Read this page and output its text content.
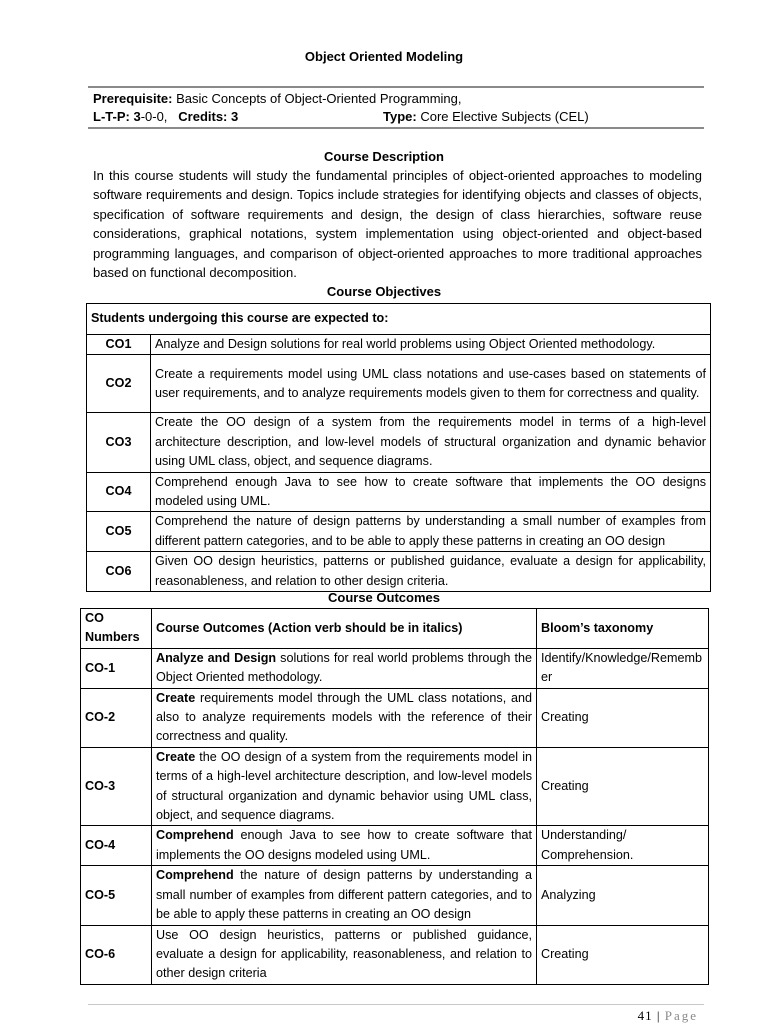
Object Oriented Modeling
Prerequisite: Basic Concepts of Object-Oriented Programming,
L-T-P: 3-0-0, Credits: 3	Type: Core Elective Subjects (CEL)
Course Description
In this course students will study the fundamental principles of object-oriented approaches to modeling software requirements and design. Topics include strategies for identifying objects and classes of objects, specification of software requirements and design, the design of class hierarchies, software reuse considerations, graphical notations, system implementation using object-oriented and object-based programming languages, and comparison of object-oriented approaches to more traditional approaches based on functional decomposition.
Course Objectives
Students undergoing this course are expected to:	
CO1	Analyze and Design solutions for real world problems using Object Oriented methodology.
CO2	Create a requirements model using UML class notations and use-cases based on statements of user requirements, and to analyze requirements models given to them for correctness and quality.
CO3	Create the OO design of a system from the requirements model in terms of a high-level architecture description, and low-level models of structural organization and dynamic behavior using UML class, object, and sequence diagrams.
CO4	Comprehend enough Java to see how to create software that implements the OO designs modeled using UML.
CO5	Comprehend the nature of design patterns by understanding a small number of examples from different pattern categories, and to be able to apply these patterns in creating an OO design
CO6	Given OO design heuristics, patterns or published guidance, evaluate a design for applicability, reasonableness, and relation to other design criteria.
Course Outcomes
CO Numbers	Course Outcomes (Action verb should be in italics)	Bloom’s taxonomy
CO-1	Analyze and Design solutions for real world problems through the Object Oriented methodology.	Identify/Knowledge/Remember
CO-2	Create requirements model through the UML class notations, and also to analyze requirements models with the reference of their correctness and quality.	Creating
CO-3	Create the OO design of a system from the requirements model in terms of a high-level architecture description, and low-level models of structural organization and dynamic behavior using UML class, object, and sequence diagrams.	Creating
CO-4	Comprehend enough Java to see how to create software that implements the OO designs modeled using UML.	Understanding/ Comprehension.
CO-5	Comprehend the nature of design patterns by understanding a small number of examples from different pattern categories, and to be able to apply these patterns in creating an OO design	Analyzing
CO-6	Use OO design heuristics, patterns or published guidance, evaluate a design for applicability, reasonableness, and relation to other design criteria	Creating
41 | Page
